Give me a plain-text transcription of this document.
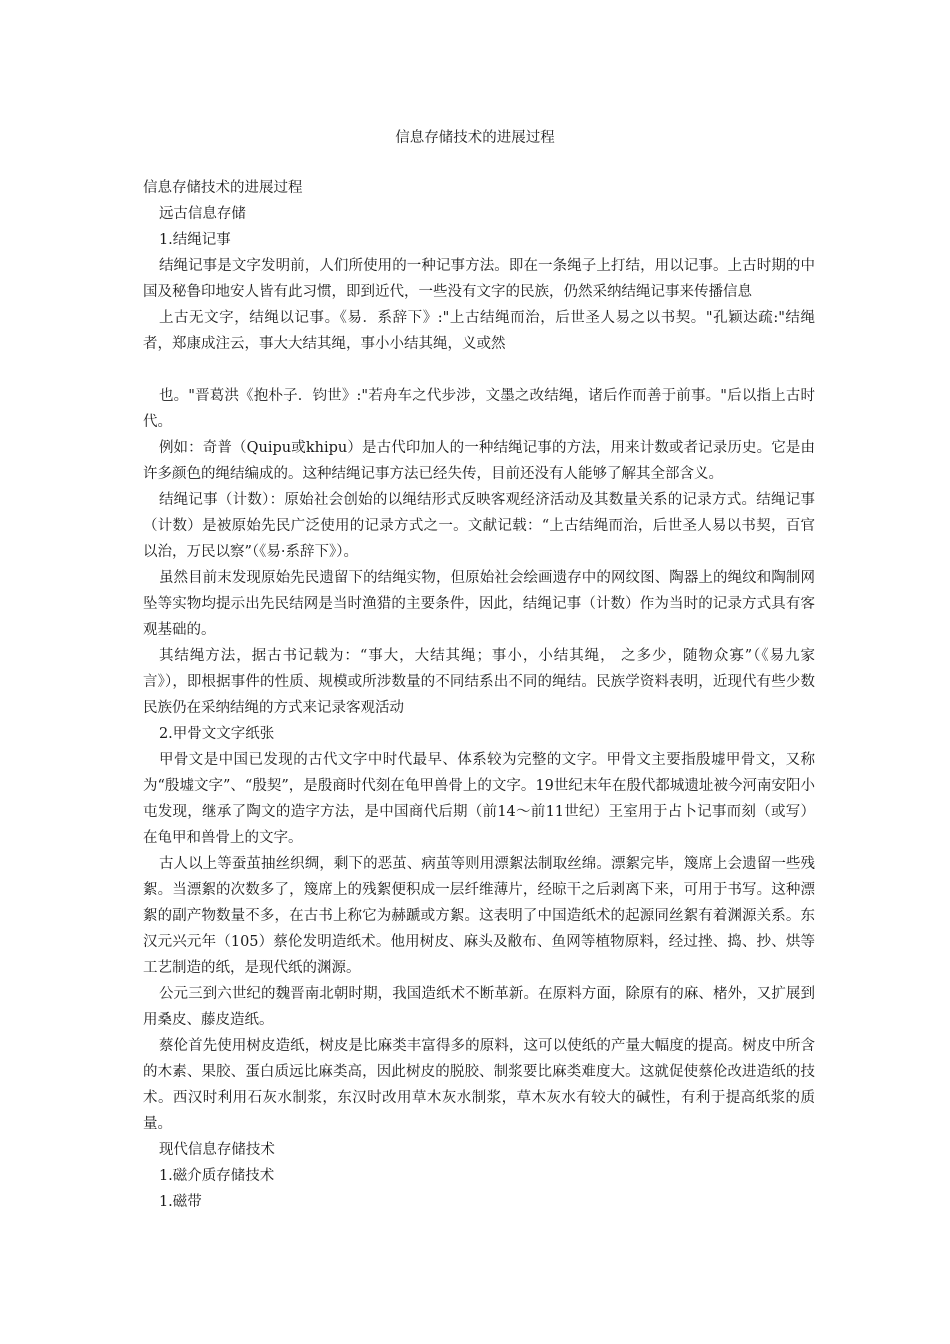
信息存储技术的进展过程

信息存储技术的进展过程

远古信息存储

1.结绳记事

结绳记事是文字发明前，人们所使用的一种记事方法。即在一条绳子上打结，用以记事。上古时期的中国及秘鲁印地安人皆有此习惯，即到近代，一些没有文字的民族，仍然采纳结绳记事来传播信息

上古无文字，结绳以记事。《易．系辞下》:"上古结绳而治，后世圣人易之以书契。"孔颖达疏:"结绳者，郑康成注云，事大大结其绳，事小小结其绳，义或然

也。"晋葛洪《抱朴子．钧世》:"若舟车之代步涉，文墨之改结绳，诸后作而善于前事。"后以指上古时代。

例如：奇普（Quipu或khipu）是古代印加人的一种结绳记事的方法，用来计数或者记录历史。它是由许多颜色的绳结编成的。这种结绳记事方法已经失传，目前还没有人能够了解其全部含义。

结绳记事（计数）：原始社会创始的以绳结形式反映客观经济活动及其数量关系的记录方式。结绳记事（计数）是被原始先民广泛使用的记录方式之一。文献记载：“上古结绳而治，后世圣人易以书契，百官以治，万民以察”（《易·系辞下》）。

虽然目前末发现原始先民遗留下的结绳实物，但原始社会绘画遗存中的网纹图、陶器上的绳纹和陶制网坠等实物均提示出先民结网是当时渔猎的主要条件，因此，结绳记事（计数）作为当时的记录方式具有客观基础的。

其结绳方法，据古书记载为：“事大，大结其绳；事小，小结其绳， 之多少，随物众寡”（《易九家言》），即根据事件的性质、规模或所涉数量的不同结系出不同的绳结。民族学资料表明，近现代有些少数民族仍在采纳结绳的方式来记录客观活动

2.甲骨文文字纸张

甲骨文是中国已发现的古代文字中时代最早、体系较为完整的文字。甲骨文主要指殷墟甲骨文，又称为“殷墟文字”、“殷契”，是殷商时代刻在龟甲兽骨上的文字。19世纪末年在殷代都城遗址被今河南安阳小屯发现，继承了陶文的造字方法，是中国商代后期（前14～前11世纪）王室用于占卜记事而刻（或写）在龟甲和兽骨上的文字。

古人以上等蚕茧抽丝织绸，剩下的恶茧、病茧等则用漂絮法制取丝绵。漂絮完毕，篾席上会遗留一些残絮。当漂絮的次数多了，篾席上的残絮便积成一层纤维薄片，经晾干之后剥离下来，可用于书写。这种漂絮的副产物数量不多，在古书上称它为赫蹏或方絮。这表明了中国造纸术的起源同丝絮有着渊源关系。东汉元兴元年（105）蔡伦发明造纸术。他用树皮、麻头及敝布、鱼网等植物原料，经过挫、捣、抄、烘等工艺制造的纸，是现代纸的渊源。

公元三到六世纪的魏晋南北朝时期，我国造纸术不断革新。在原料方面，除原有的麻、楮外，又扩展到用桑皮、藤皮造纸。

蔡伦首先使用树皮造纸，树皮是比麻类丰富得多的原料，这可以使纸的产量大幅度的提高。树皮中所含的木素、果胶、蛋白质远比麻类高，因此树皮的脱胶、制浆要比麻类难度大。这就促使蔡伦改进造纸的技术。西汉时利用石灰水制浆，东汉时改用草木灰水制浆，草木灰水有较大的碱性，有利于提高纸浆的质量。

现代信息存储技术

1.磁介质存储技术

1.磁带
